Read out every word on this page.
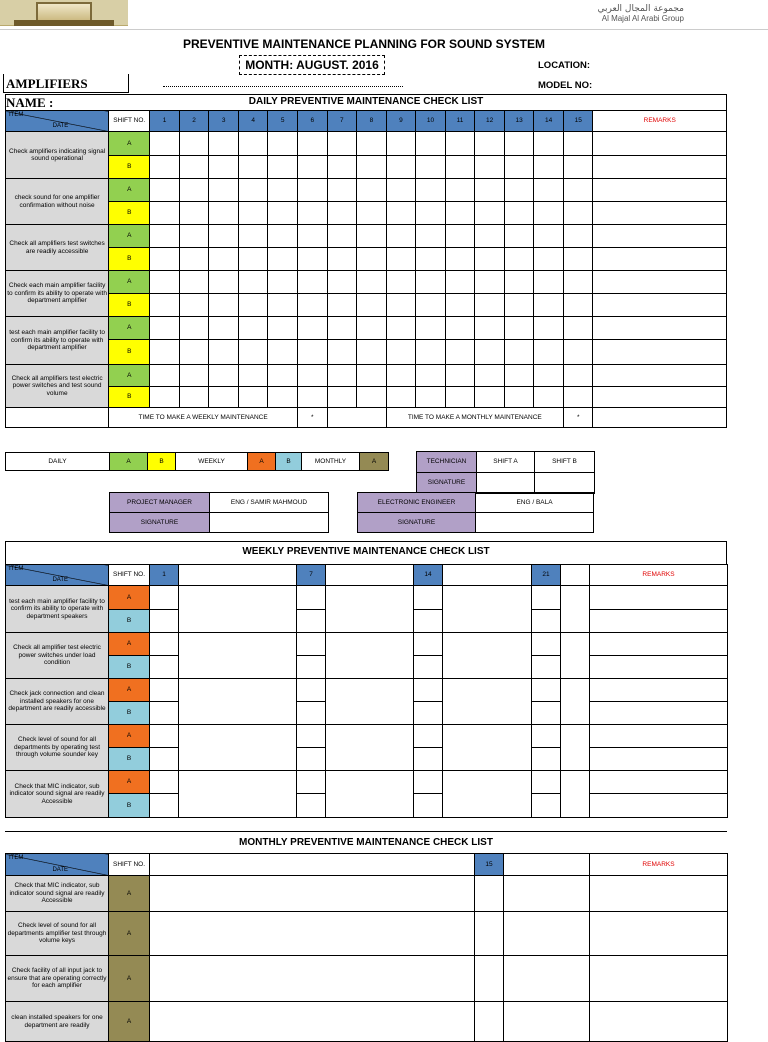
مجموعة المجال العربي
Al Majal Al Arabi Group
PREVENTIVE MAINTENANCE PLANNING FOR SOUND SYSTEM
MONTH: AUGUST. 2016	LOCATION:
AMPLIFIERS NAME :
MODEL NO:
DAILY PREVENTIVE MAINTENANCE CHECK LIST
ITEM
DATE	SHIFT NO.	1	2	3	4	5	6	7	8	9	10	11	12	13	14	15	REMARKS
Check amplifiers indicating signal sound operational	A																
	B																
check sound for one amplifier confirmation without noise	A																
	B																
Check all amplifiers test switches are readily accessible	A																
	B																
Check each main amplifier facility to confirm its ability to operate with department amplifier	A																
	B																
test each main amplifier facility to confirm its ability to operate with department amplifier	A																
	B																
Check all amplifiers test electric power switches and test sound volume	A																
	B																
	TIME TO MAKE A WEEKLY MAINTENANCE						*			TIME TO MAKE A MONTHLY MAINTENANCE						*	
DAILY	A	B	WEEKLY	A	B	MONTHLY	A	TECHNICIAN	SHIFT A	SHIFT B
SIGNATURE		
PROJECT MANAGER	ENG / SAMIR MAHMOUD
SIGNATURE	
ELECTRONIC ENGINEER	ENG / BALA
SIGNATURE	
WEEKLY PREVENTIVE MAINTENANCE CHECK LIST
ITEM
DATE	SHIFT NO.	1		7		14		21		REMARKS
test each main amplifier facility to confirm its ability to operate with department speakers	A									
	B									
Check all amplifier test electric power switches under load condition	A									
	B									
Check jack connection and clean installed speakers for one department are readily accessible	A									
	B									
Check level of sound for all departments by operating test through volume sounder key	A									
	B									
Check that MIC indicator, sub indicator sound signal are readily Accessible	A									
	B									
MONTHLY PREVENTIVE MAINTENANCE CHECK LIST
ITEM
DATE	SHIFT NO.		15		REMARKS
Check that MIC indicator, sub indicator sound signal are readily Accessible	A				
Check level of sound for all departments amplifier test through volume keys	A				
Check facility of all input jack to ensure that are operating correctly for each amplifier	A				
clean installed speakers for one department are readily	A				
